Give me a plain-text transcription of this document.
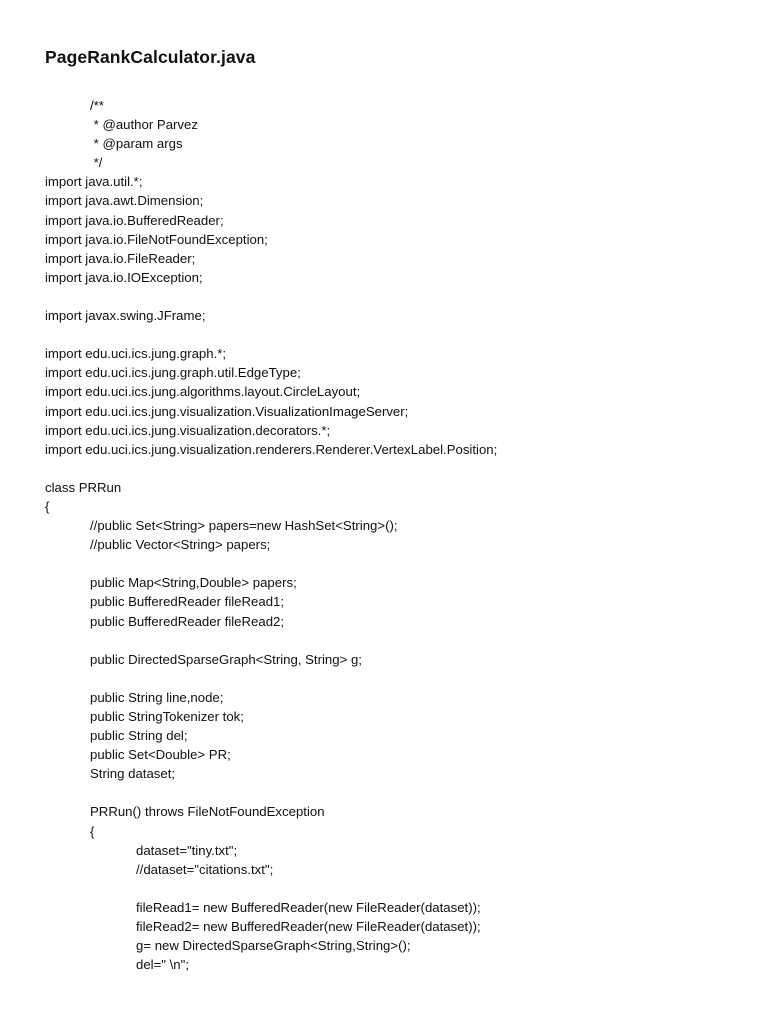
PageRankCalculator.java
/**
* @author Parvez
* @param args
*/
import java.util.*;
import java.awt.Dimension;
import java.io.BufferedReader;
import java.io.FileNotFoundException;
import java.io.FileReader;
import java.io.IOException;
import javax.swing.JFrame;
import edu.uci.ics.jung.graph.*;
import edu.uci.ics.jung.graph.util.EdgeType;
import edu.uci.ics.jung.algorithms.layout.CircleLayout;
import edu.uci.ics.jung.visualization.VisualizationImageServer;
import edu.uci.ics.jung.visualization.decorators.*;
import edu.uci.ics.jung.visualization.renderers.Renderer.VertexLabel.Position;
class PRRun
{
//public Set<String> papers=new HashSet<String>();
//public Vector<String> papers;
public Map<String,Double> papers;
public BufferedReader fileRead1;
public BufferedReader fileRead2;
public DirectedSparseGraph<String, String> g;
public String line,node;
public StringTokenizer tok;
public String del;
public Set<Double> PR;
String dataset;
PRRun() throws FileNotFoundException
{
dataset="tiny.txt";
//dataset="citations.txt";
fileRead1= new BufferedReader(new FileReader(dataset));
fileRead2= new BufferedReader(new FileReader(dataset));
g= new DirectedSparseGraph<String,String>();
del=" \n";
